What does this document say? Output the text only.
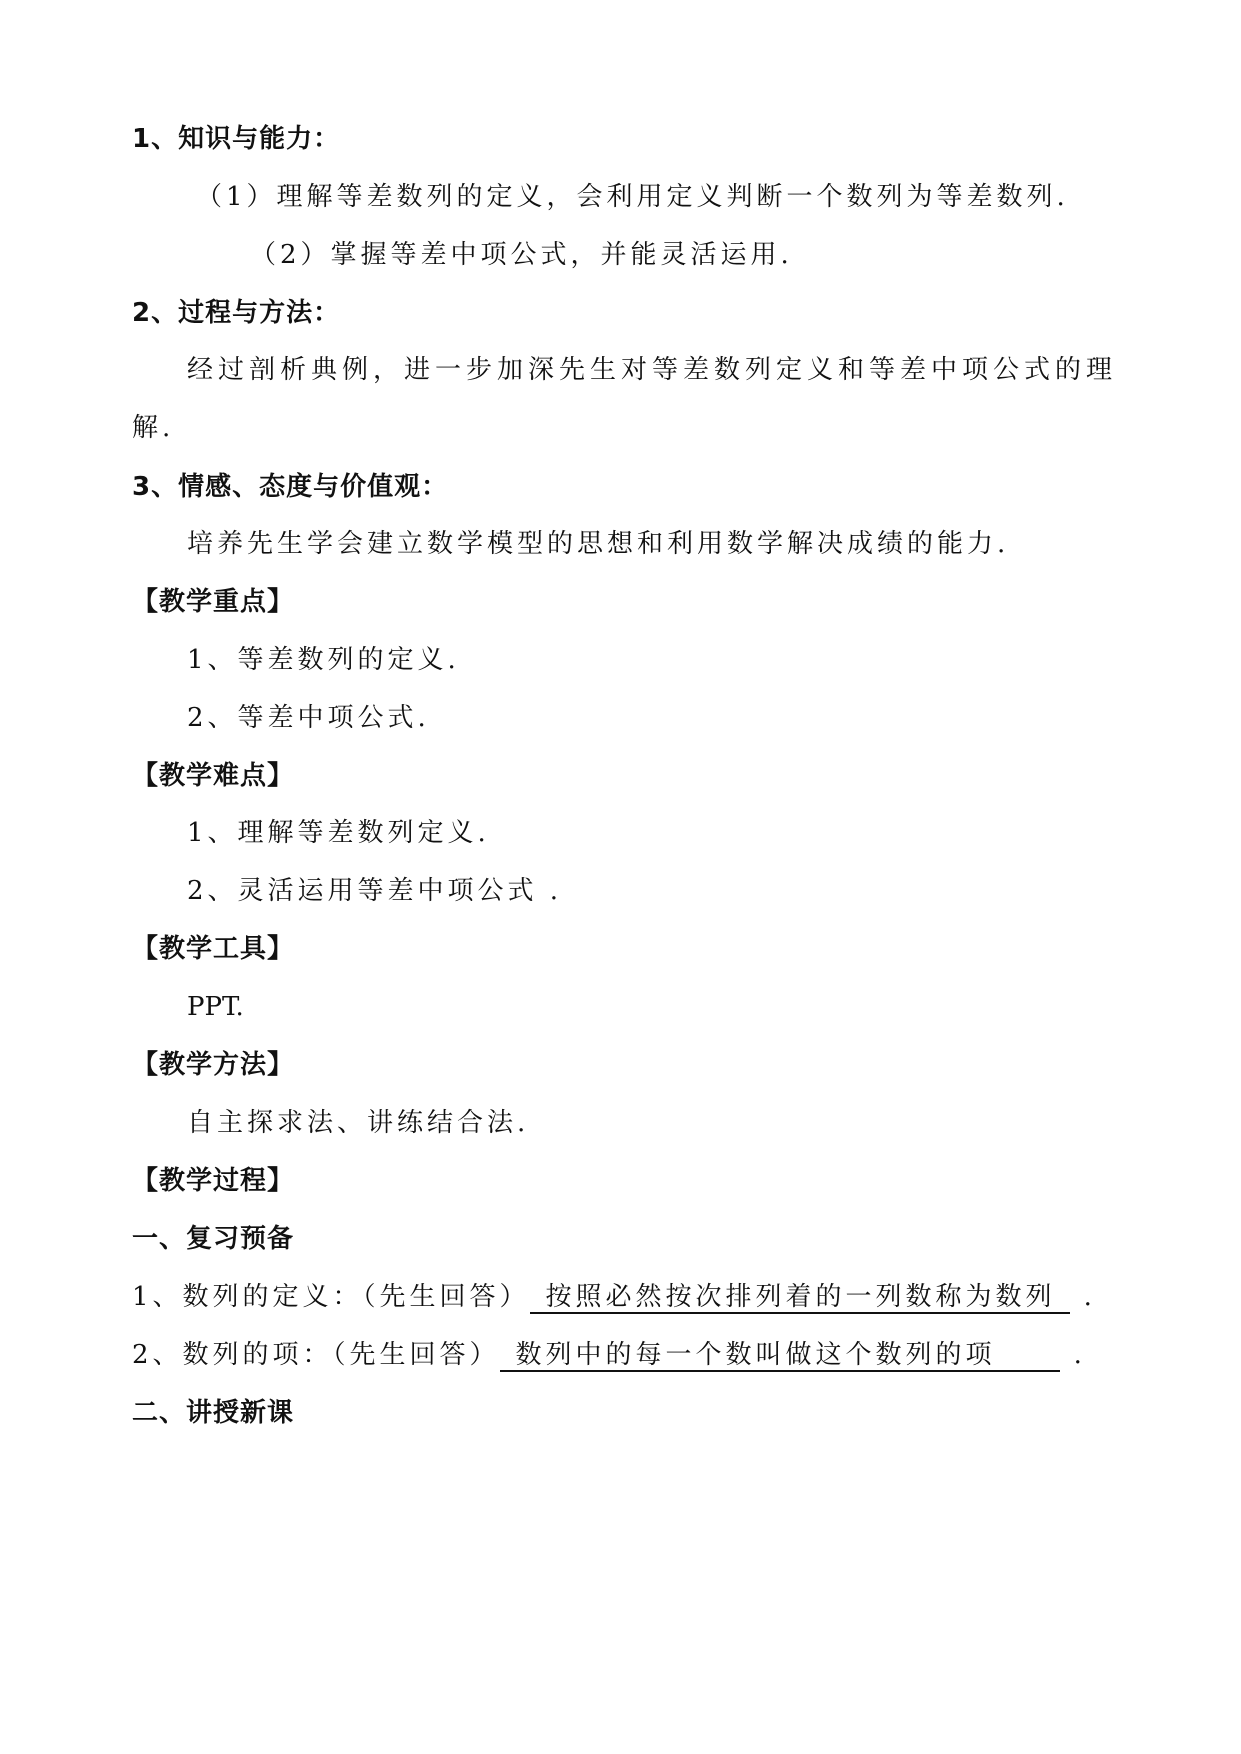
1、知识与能力：
（1）理解等差数列的定义，会利用定义判断一个数列为等差数列.
（2）掌握等差中项公式，并能灵活运用.
2、过程与方法：
经过剖析典例，进一步加深先生对等差数列定义和等差中项公式的理
解.
3、情感、态度与价值观：
培养先生学会建立数学模型的思想和利用数学解决成绩的能力.
【教学重点】
1、等差数列的定义.
2、等差中项公式.
【教学难点】
1、理解等差数列定义.
2、灵活运用等差中项公式 .
【教学工具】
PPT.
【教学方法】
自主探求法、讲练结合法.
【教学过程】
一、复习预备
1、数列的定义：（先生回答） 按照必然按次排列着的一列数称为数列 .
2、数列的项：（先生回答） 数列中的每一个数叫做这个数列的项	.
二、讲授新课
